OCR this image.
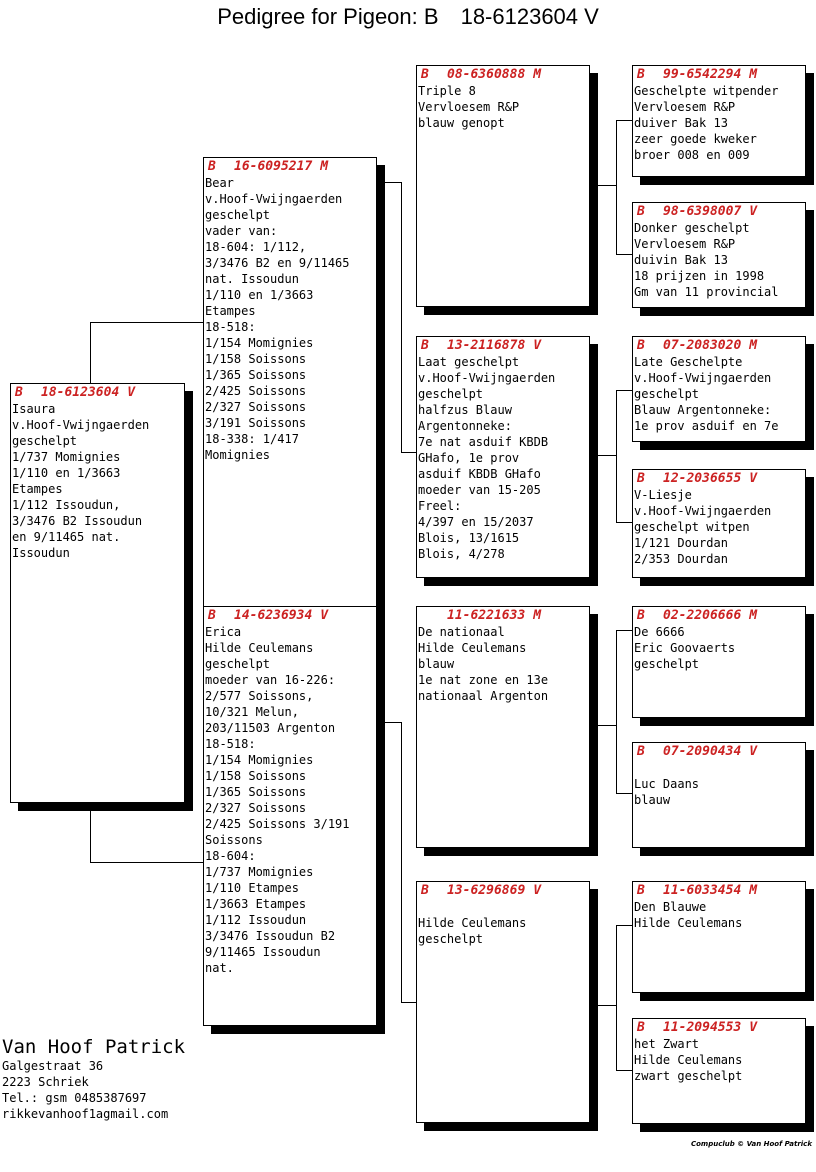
Pedigree for Pigeon: B 18-6123604 V
B 18-6123604 V
Isaura
v.Hoof-Vwijngaerden
geschelpt
1/737 Momignies
1/110 en 1/3663
Etampes
1/112 Issoudun,
3/3476 B2 Issoudun
en 9/11465 nat.
Issoudun
B 16-6095217 M
Bear
v.Hoof-Vwijngaerden
geschelpt
vader van:
18-604: 1/112,
3/3476 B2 en 9/11465
nat. Issoudun
1/110 en 1/3663
Etampes
18-518:
1/154 Momignies
1/158 Soissons
1/365 Soissons
2/425 Soissons
2/327 Soissons
3/191 Soissons
18-338: 1/417
Momignies
B 14-6236934 V
Erica
Hilde Ceulemans
geschelpt
moeder van 16-226:
2/577 Soissons,
10/321 Melun,
203/11503 Argenton
18-518:
1/154 Momignies
1/158 Soissons
1/365 Soissons
2/327 Soissons
2/425 Soissons 3/191
Soissons
18-604:
1/737 Momignies
1/110 Etampes
1/3663 Etampes
1/112 Issoudun
3/3476 Issoudun B2
9/11465 Issoudun
nat.
B 08-6360888 M
Triple 8
Vervloesem R&P
blauw genopt
B 13-2116878 V
Laat geschelpt
v.Hoof-Vwijngaerden
geschelpt
halfzus Blauw
Argentonneke:
7e nat asduif KBDB
GHafo, 1e prov
asduif KBDB GHafo
moeder van 15-205
Freel:
4/397 en 15/2037
Blois, 13/1615
Blois, 4/278
11-6221633 M
De nationaal
Hilde Ceulemans
blauw
1e nat zone en 13e
nationaal Argenton
B 13-6296869 V
Hilde Ceulemans
geschelpt
B 99-6542294 M
Geschelpte witpender
Vervloesem R&P
duiver Bak 13
zeer goede kweker
broer 008 en 009
B 98-6398007 V
Donker geschelpt
Vervloesem R&P
duivin Bak 13
18 prijzen in 1998
Gm van 11 provincial
B 07-2083020 M
Late Geschelpte
v.Hoof-Vwijngaerden
geschelpt
Blauw Argentonneke:
1e prov asduif en 7e
B 12-2036655 V
V-Liesje
v.Hoof-Vwijngaerden
geschelpt witpen
1/121 Dourdan
2/353 Dourdan
B 02-2206666 M
De 6666
Eric Goovaerts
geschelpt
B 07-2090434 V
Luc Daans
blauw
B 11-6033454 M
Den Blauwe
Hilde Ceulemans
B 11-2094553 V
het Zwart
Hilde Ceulemans
zwart geschelpt
Van Hoof Patrick
Galgestraat 36
2223 Schriek
Tel.: gsm 0485387697
rikkevanhoof1agmail.com
Compuclub © Van Hoof Patrick
